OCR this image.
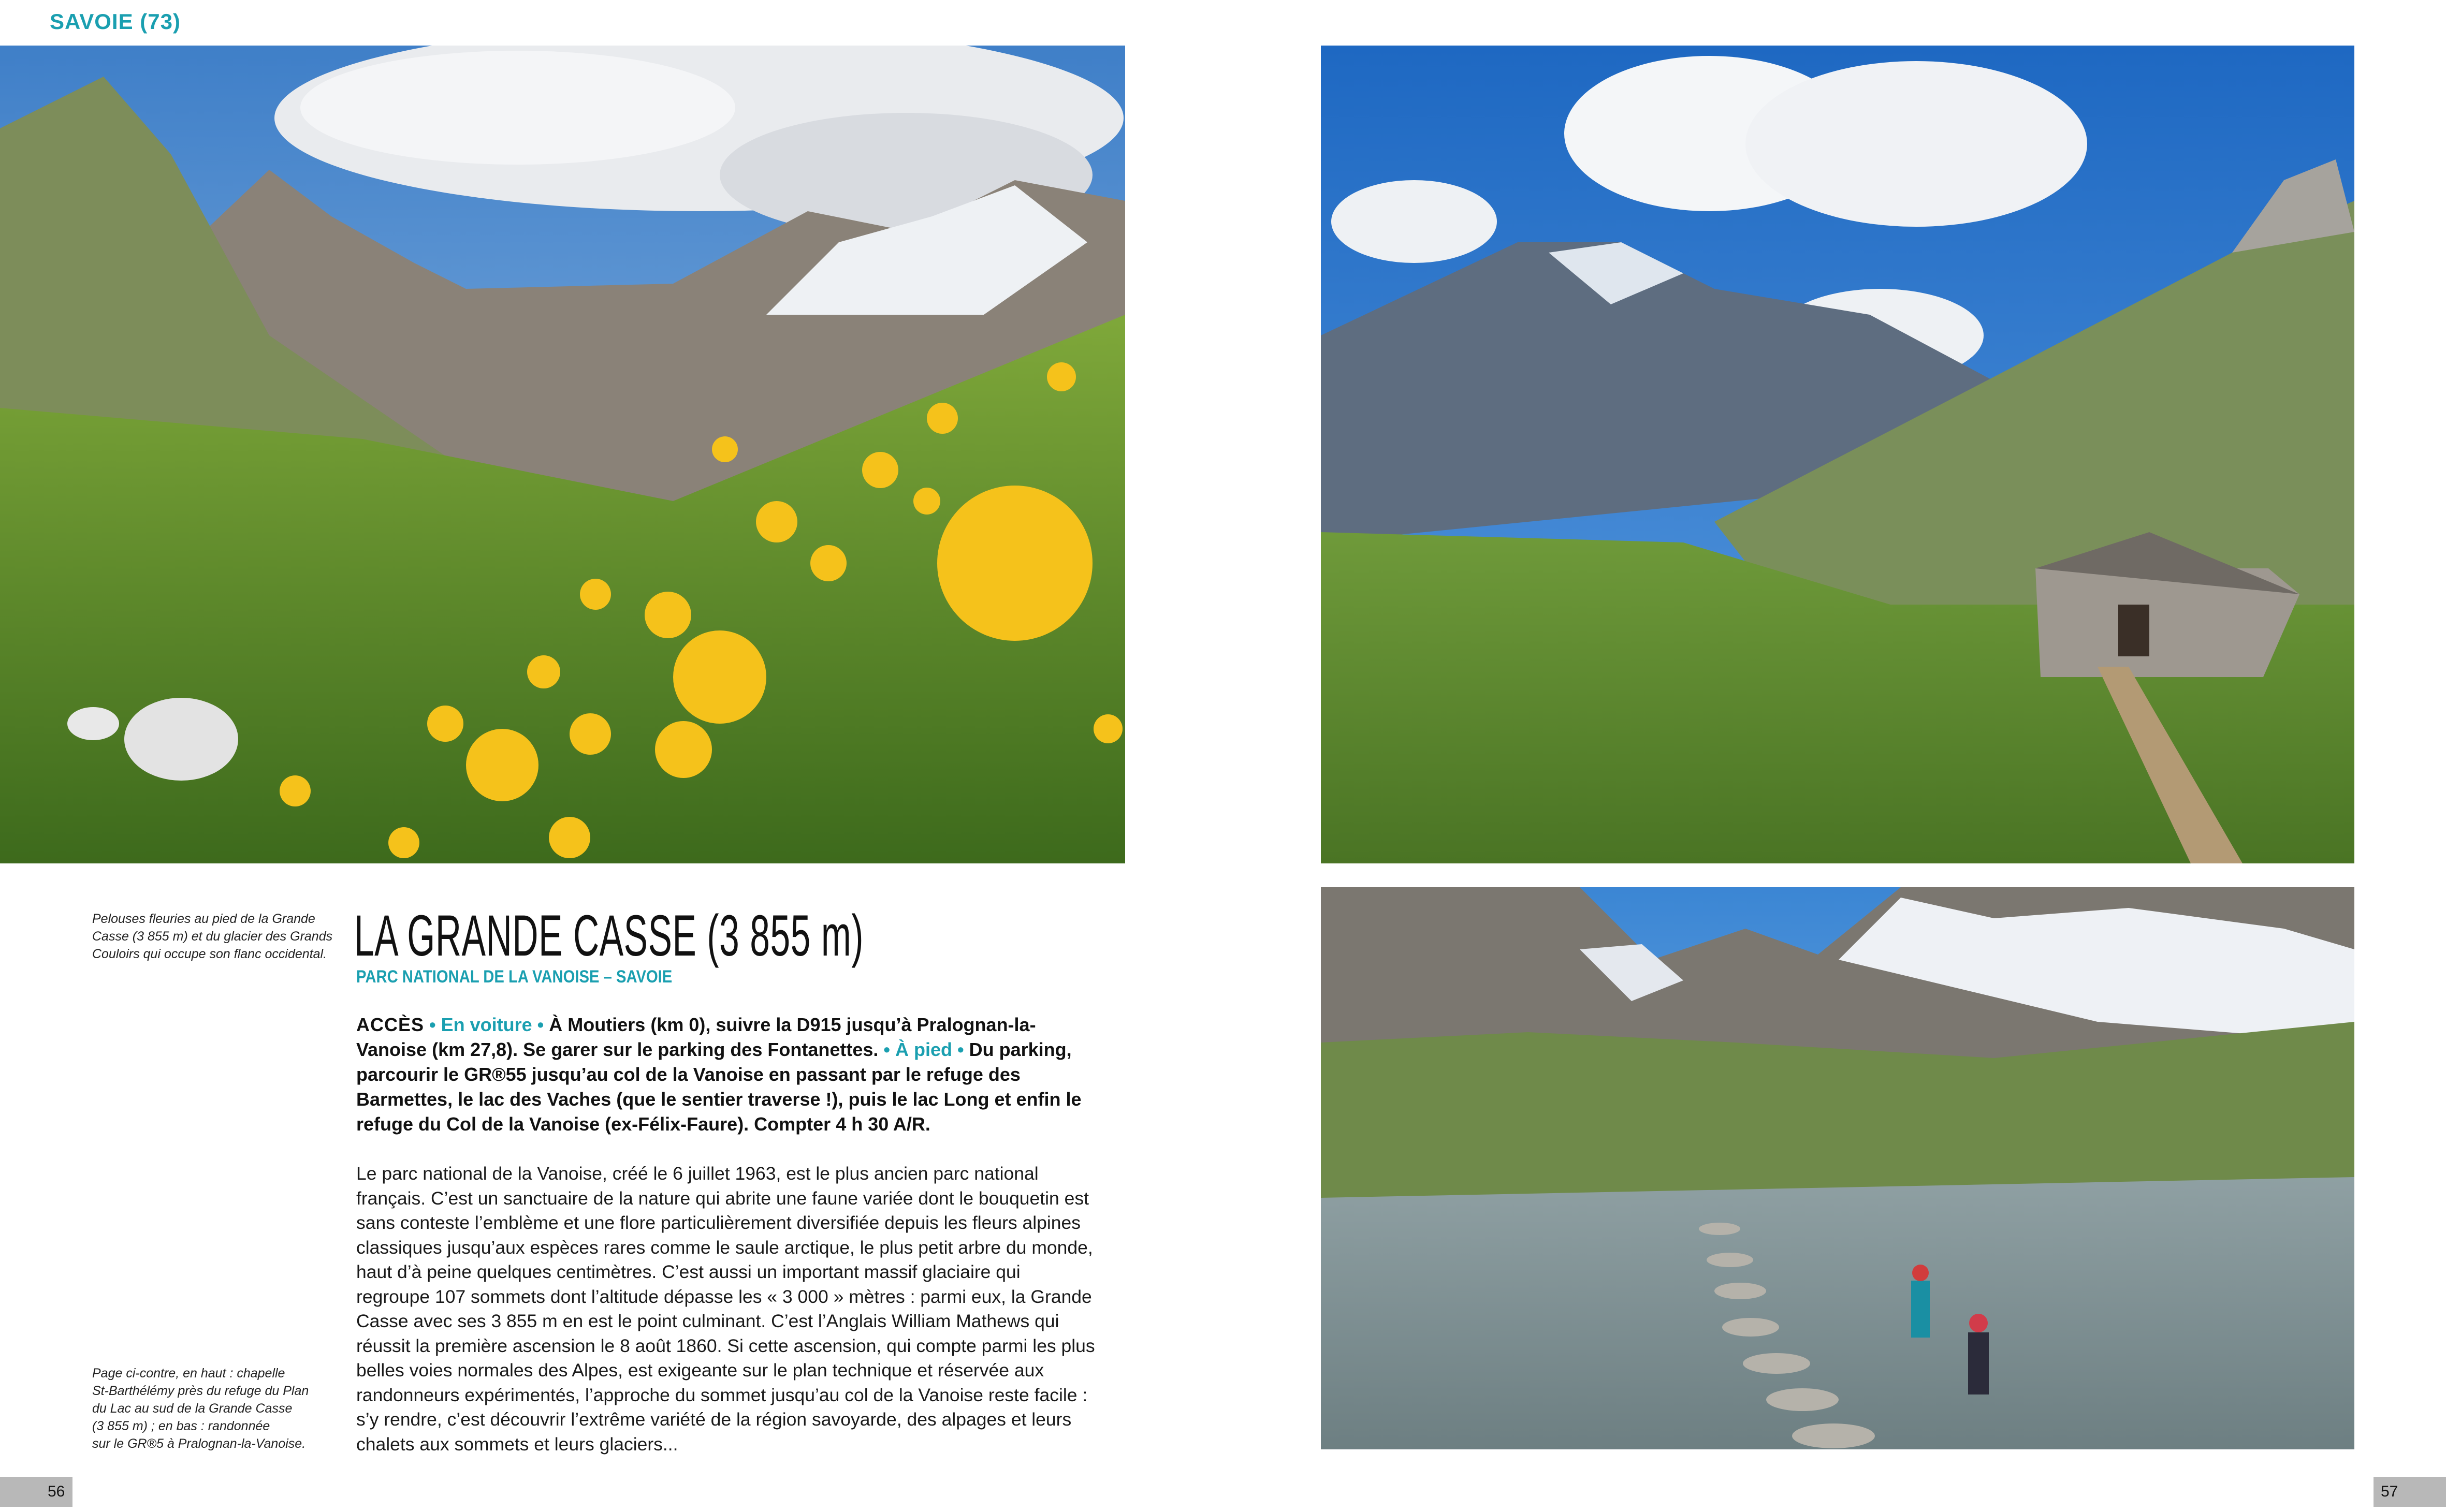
SAVOIE (73)
Pelouses fleuries au pied de la Grande
Casse (3 855 m) et du glacier des Grands
Couloirs qui occupe son flanc occidental.
Page ci-contre, en haut : chapelle
St-Barthélémy près du refuge du Plan
du Lac au sud de la Grande Casse
(3 855 m) ; en bas : randonnée
sur le GR®5 à Pralognan-la-Vanoise.
LA GRANDE CASSE (3 855 m)
PARC NATIONAL DE LA VANOISE – SAVOIE
ACCÈS • En voiture • À Moutiers (km 0), suivre la D915 jusqu’à Pralognan-la-Vanoise (km 27,8). Se garer sur le parking des Fontanettes. • À pied • Du parking, parcourir le GR®55 jusqu’au col de la Vanoise en passant par le refuge des Barmettes, le lac des Vaches (que le sentier traverse !), puis le lac Long et enfin le refuge du Col de la Vanoise (ex-Félix-Faure). Compter 4 h 30 A/R.
Le parc national de la Vanoise, créé le 6 juillet 1963, est le plus ancien parc national français. C’est un sanctuaire de la nature qui abrite une faune variée dont le bouquetin est sans conteste l’emblème et une flore particulièrement diversifiée depuis les fleurs alpines classiques jusqu’aux espèces rares comme le saule arctique, le plus petit arbre du monde, haut d’à peine quelques centimètres. C’est aussi un important massif glaciaire qui regroupe 107 sommets dont l’altitude dépasse les « 3 000 » mètres : parmi eux, la Grande Casse avec ses 3 855 m en est le point culminant. C’est l’Anglais William Mathews qui réussit la première ascension le 8 août 1860. Si cette ascension, qui compte parmi les plus belles voies normales des Alpes, est exigeante sur le plan technique et réservée aux randonneurs expérimentés, l’approche du sommet jusqu’au col de la Vanoise reste facile : s’y rendre, c’est découvrir l’extrême variété de la région savoyarde, des alpages et leurs chalets aux sommets et leurs glaciers...
56	57
